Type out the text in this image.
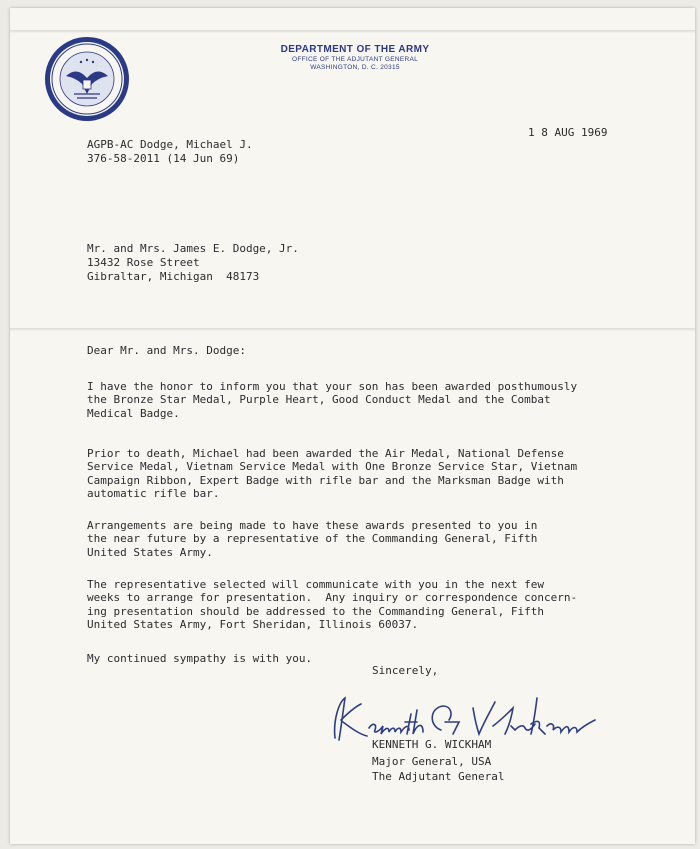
DEPARTMENT OF THE ARMY
OFFICE OF THE ADJUTANT GENERAL
WASHINGTON, D. C. 20315
AGPB-AC Dodge, Michael J.
376-58-2011 (14 Jun 69)
1 8 AUG 1969
Mr. and Mrs. James E. Dodge, Jr.
13432 Rose Street
Gibraltar, Michigan  48173
Dear Mr. and Mrs. Dodge:

I have the honor to inform you that your son has been awarded posthumously
the Bronze Star Medal, Purple Heart, Good Conduct Medal and the Combat
Medical Badge.

Prior to death, Michael had been awarded the Air Medal, National Defense
Service Medal, Vietnam Service Medal with One Bronze Service Star, Vietnam
Campaign Ribbon, Expert Badge with rifle bar and the Marksman Badge with
automatic rifle bar.

Arrangements are being made to have these awards presented to you in
the near future by a representative of the Commanding General, Fifth
United States Army.

The representative selected will communicate with you in the next few
weeks to arrange for presentation.  Any inquiry or correspondence concern-
ing presentation should be addressed to the Commanding General, Fifth
United States Army, Fort Sheridan, Illinois 60037.

My continued sympathy is with you.
Sincerely,
KENNETH G. WICKHAM
Major General, USA
The Adjutant General
